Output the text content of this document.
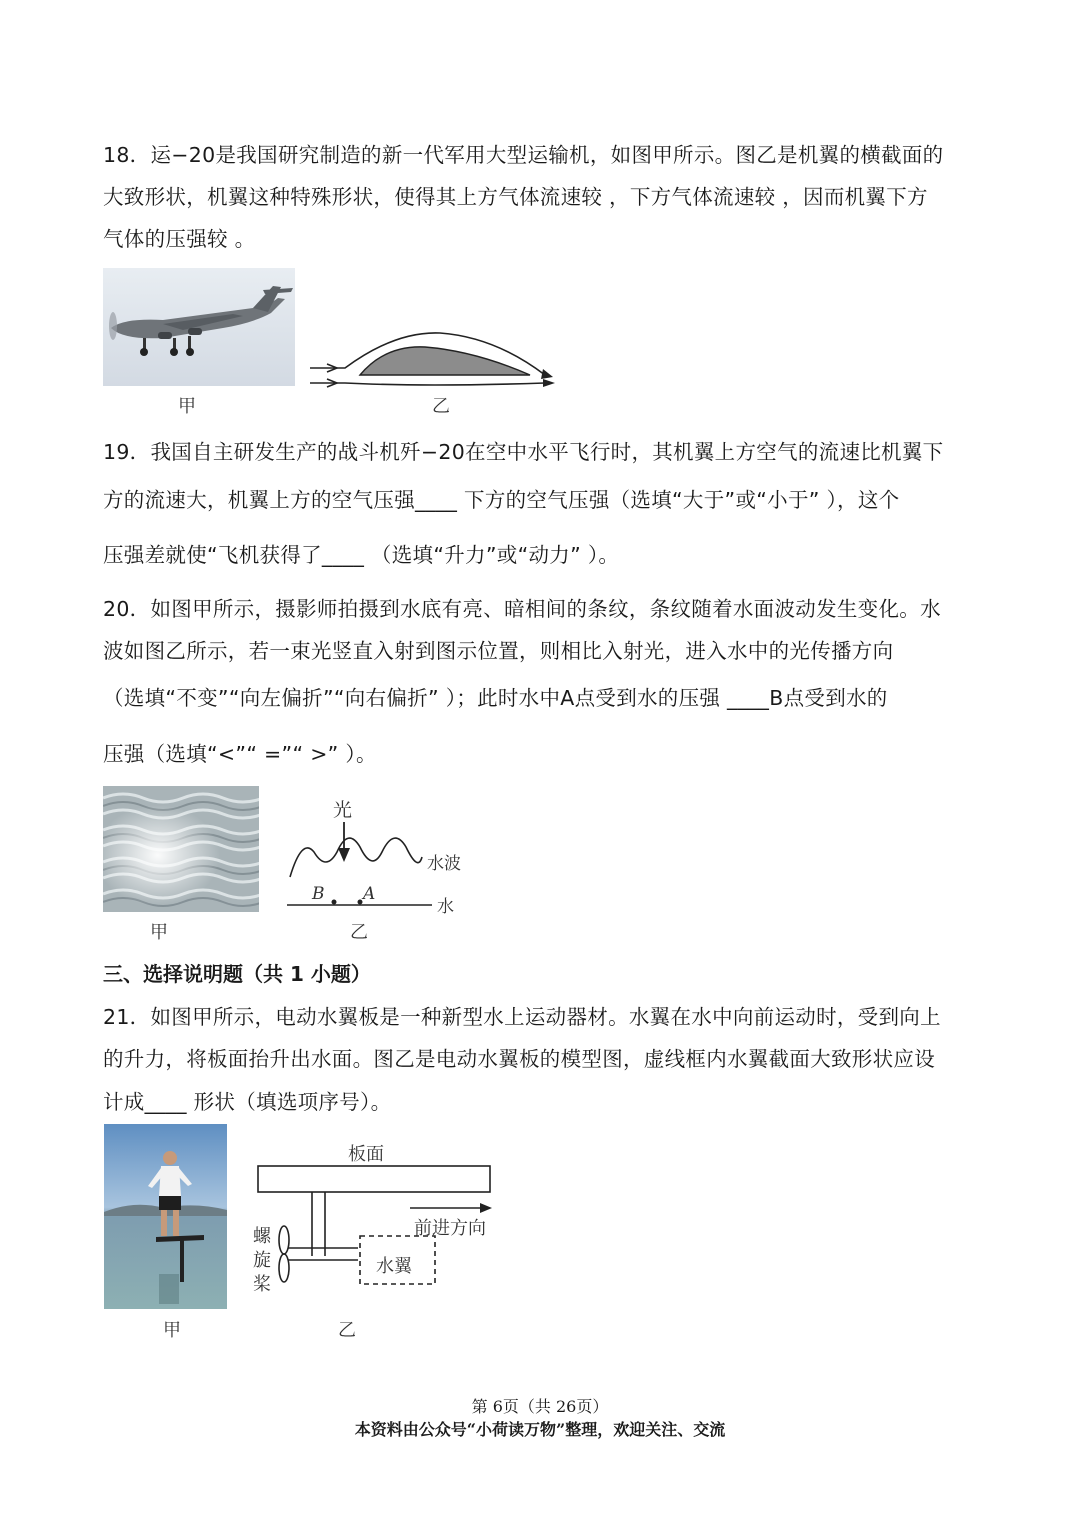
18．运−20是我国研究制造的新一代军用大型运输机，如图甲所示。图乙是机翼的横截面的
大致形状，机翼这种特殊形状，使得其上方气体流速较 ，下方气体流速较 ，因而机翼下方
气体的压强较 。
甲	乙
19．我国自主研发生产的战斗机歼−20在空中水平飞行时，其机翼上方空气的流速比机翼下
方的流速大，机翼上方的空气压强____ 下方的空气压强（选填“大于”或“小于” ），这个
压强差就使“飞机获得了____ （选填“升力”或“动力” ）。
20．如图甲所示，摄影师拍摄到水底有亮、暗相间的条纹，条纹随着水面波动发生变化。水
波如图乙所示，若一束光竖直入射到图示位置，则相比入射光，进入水中的光传播方向
（选填“不变”“向左偏折”“向右偏折” ）；此时水中A点受到水的压强 ____B点受到水的
压强（选填“<”“ =”“ >” ）。
甲
光
水波
水
B A
乙
三、选择说明题（共 1 小题）
21．如图甲所示，电动水翼板是一种新型水上运动器材。水翼在水中向前运动时，受到向上
的升力，将板面抬升出水面。图乙是电动水翼板的模型图，虚线框内水翼截面大致形状应设
计成____ 形状（填选项序号）。
甲
板面
前进方向
螺
旋
桨
水翼
乙
第 6页（共 26页）
本资料由公众号“小荷读万物”整理，欢迎关注、交流
